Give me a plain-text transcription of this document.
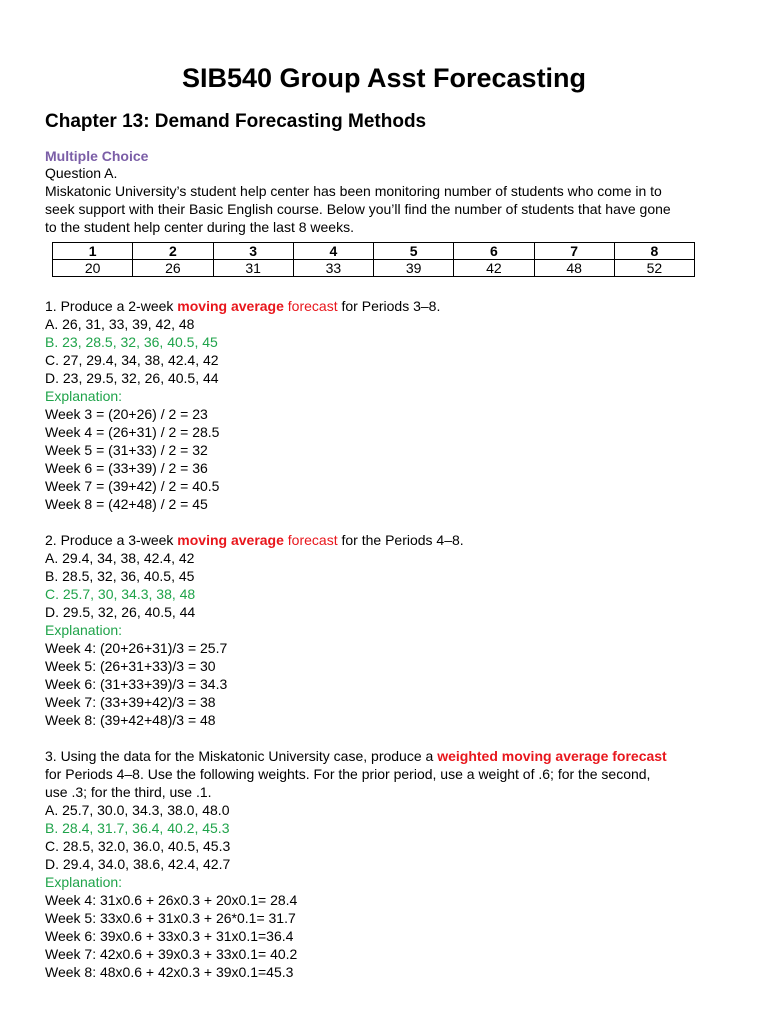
SIB540 Group Asst Forecasting
Chapter 13: Demand Forecasting Methods
Multiple Choice
Question A.
Miskatonic University’s student help center has been monitoring number of students who come in to
seek support with their Basic English course. Below you’ll find the number of students that have gone
to the student help center during the last 8 weeks.
1	2	3	4	5	6	7	8
20	26	31	33	39	42	48	52
1. Produce a 2-week moving average forecast for Periods 3–8.
A. 26, 31, 33, 39, 42, 48
B. 23, 28.5, 32, 36, 40.5, 45
C. 27, 29.4, 34, 38, 42.4, 42
D. 23, 29.5, 32, 26, 40.5, 44
Explanation:
Week 3 = (20+26) / 2 = 23
Week 4 = (26+31) / 2 = 28.5
Week 5 = (31+33) / 2 = 32
Week 6 = (33+39) / 2 = 36
Week 7 = (39+42) / 2 = 40.5
Week 8 = (42+48) / 2 = 45
2. Produce a 3-week moving average forecast for the Periods 4–8.
A. 29.4, 34, 38, 42.4, 42
B. 28.5, 32, 36, 40.5, 45
C. 25.7, 30, 34.3, 38, 48
D. 29.5, 32, 26, 40.5, 44
Explanation:
Week 4: (20+26+31)/3 = 25.7
Week 5: (26+31+33)/3 = 30
Week 6: (31+33+39)/3 = 34.3
Week 7: (33+39+42)/3 = 38
Week 8: (39+42+48)/3 = 48
3. Using the data for the Miskatonic University case, produce a weighted moving average forecast
for Periods 4–8. Use the following weights. For the prior period, use a weight of .6; for the second,
use .3; for the third, use .1.
A. 25.7, 30.0, 34.3, 38.0, 48.0
B. 28.4, 31.7, 36.4, 40.2, 45.3
C. 28.5, 32.0, 36.0, 40.5, 45.3
D. 29.4, 34.0, 38.6, 42.4, 42.7
Explanation:
Week 4: 31x0.6 + 26x0.3 + 20x0.1= 28.4
Week 5: 33x0.6 + 31x0.3 + 26*0.1= 31.7
Week 6: 39x0.6 + 33x0.3 + 31x0.1=36.4
Week 7: 42x0.6 + 39x0.3 + 33x0.1= 40.2
Week 8: 48x0.6 + 42x0.3 + 39x0.1=45.3
